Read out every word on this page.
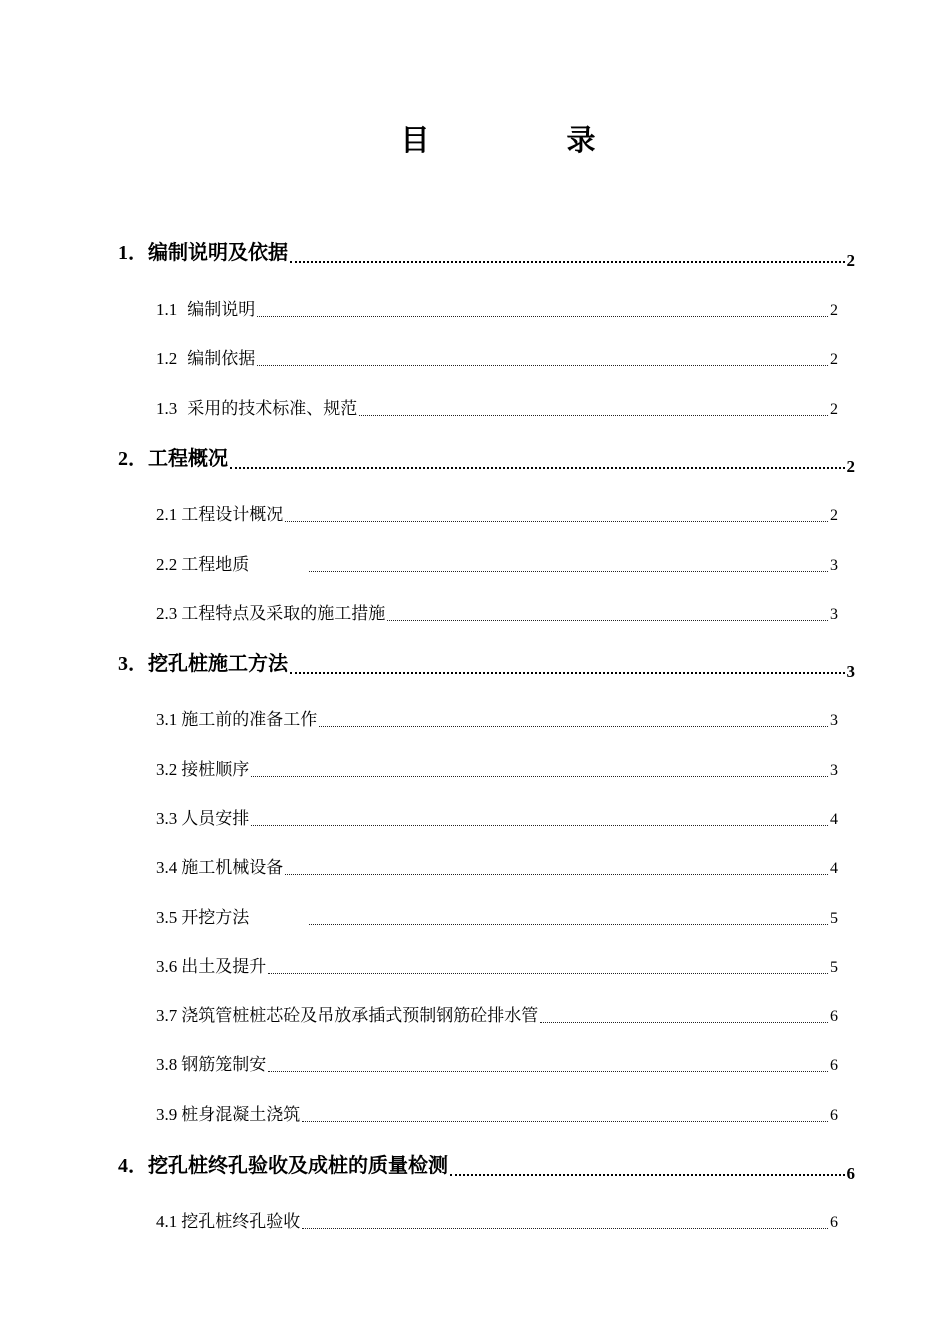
目　录
1． 编制说明及依据	2
1.1 编制说明	2
1.2 编制依据	2
1.3 采用的技术标准、规范	2
2． 工程概况	2
2.1 工程设计概况	2
2.2 工程地质	3
2.3 工程特点及采取的施工措施	3
3． 挖孔桩施工方法	3
3.1 施工前的准备工作	3
3.2 接桩顺序	3
3.3 人员安排	4
3.4 施工机械设备	4
3.5 开挖方法	5
3.6 出土及提升	5
3.7 浇筑管桩桩芯砼及吊放承插式预制钢筋砼排水管	6
3.8 钢筋笼制安	6
3.9 桩身混凝土浇筑	6
4． 挖孔桩终孔验收及成桩的质量检测	6
4.1 挖孔桩终孔验收	6
